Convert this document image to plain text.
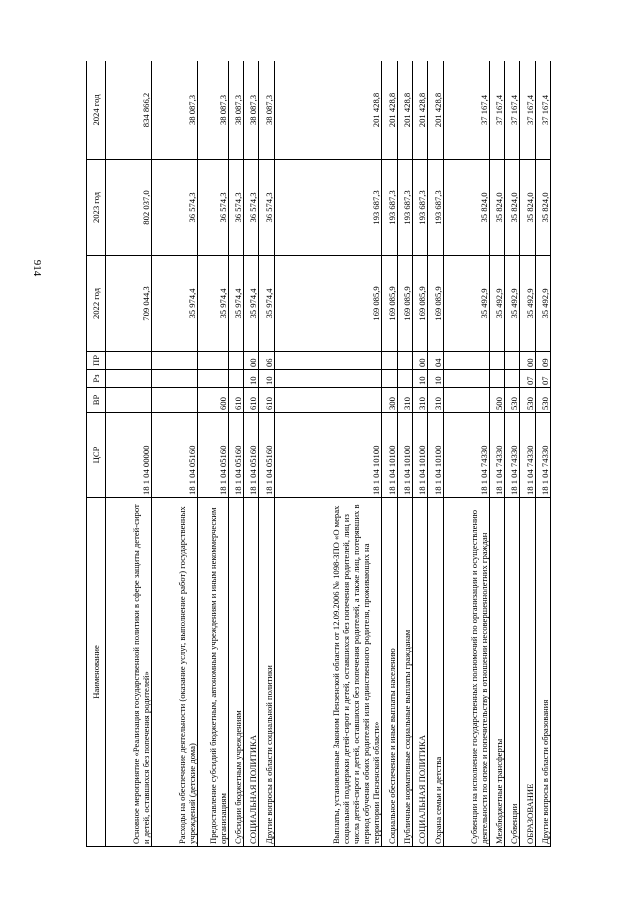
914
Наименование	ЦСР	ВР	Рз	ПР	2022 год	2023 год	2024 год
Основное мероприятие «Реализация государственной политики в сфере защиты детей-сирот и детей, оставшихся без попечения родителей»	18 1 04 00000				709 044,3	802 037,0	834 866,2
Расходы на обеспечение деятельности (оказание услуг, выполнение работ) государственных учреждений (детские дома)	18 1 04 05160				35 974,4	36 574,3	38 087,3
Предоставление субсидий бюджетным, автономным учреждениям и иным некоммерческим организациям	18 1 04 05160	600			35 974,4	36 574,3	38 087,3
Субсидии бюджетным учреждениям	18 1 04 05160	610			35 974,4	36 574,3	38 087,3
СОЦИАЛЬНАЯ ПОЛИТИКА	18 1 04 05160	610	10	00	35 974,4	36 574,3	38 087,3
Другие вопросы в области социальной политики	18 1 04 05160	610	10	06	35 974,4	36 574,3	38 087,3
Выплаты, установленные Законом Пензенской области от 12.09.2006 № 1098-ЗПО «О мерах социальной поддержки детей-сирот и детей, оставшихся без попечения родителей, лиц из числа детей-сирот и детей, оставшихся без попечения родителей, а также лиц, потерявших в период обучения обоих родителей или единственного родителя, проживающих на территории Пензенской области»	18 1 04 10100				169 085,9	193 687,3	201 428,8
Социальное обеспечение и иные выплаты населению	18 1 04 10100	300			169 085,9	193 687,3	201 428,8
Публичные нормативные социальные выплаты гражданам	18 1 04 10100	310			169 085,9	193 687,3	201 428,8
СОЦИАЛЬНАЯ ПОЛИТИКА	18 1 04 10100	310	10	00	169 085,9	193 687,3	201 428,8
Охрана семьи и детства	18 1 04 10100	310	10	04	169 085,9	193 687,3	201 428,8
Субвенции на исполнение государственных полномочий по организации и осуществлению деятельности по опеке и попечительству в отношении несовершеннолетних граждан	18 1 04 74330				35 492,9	35 824,0	37 167,4
Межбюджетные трансферты	18 1 04 74330	500			35 492,9	35 824,0	37 167,4
Субвенции	18 1 04 74330	530			35 492,9	35 824,0	37 167,4
ОБРАЗОВАНИЕ	18 1 04 74330	530	07	00	35 492,9	35 824,0	37 167,4
Другие вопросы в области образования	18 1 04 74330	530	07	09	35 492,9	35 824,0	37 167,4
